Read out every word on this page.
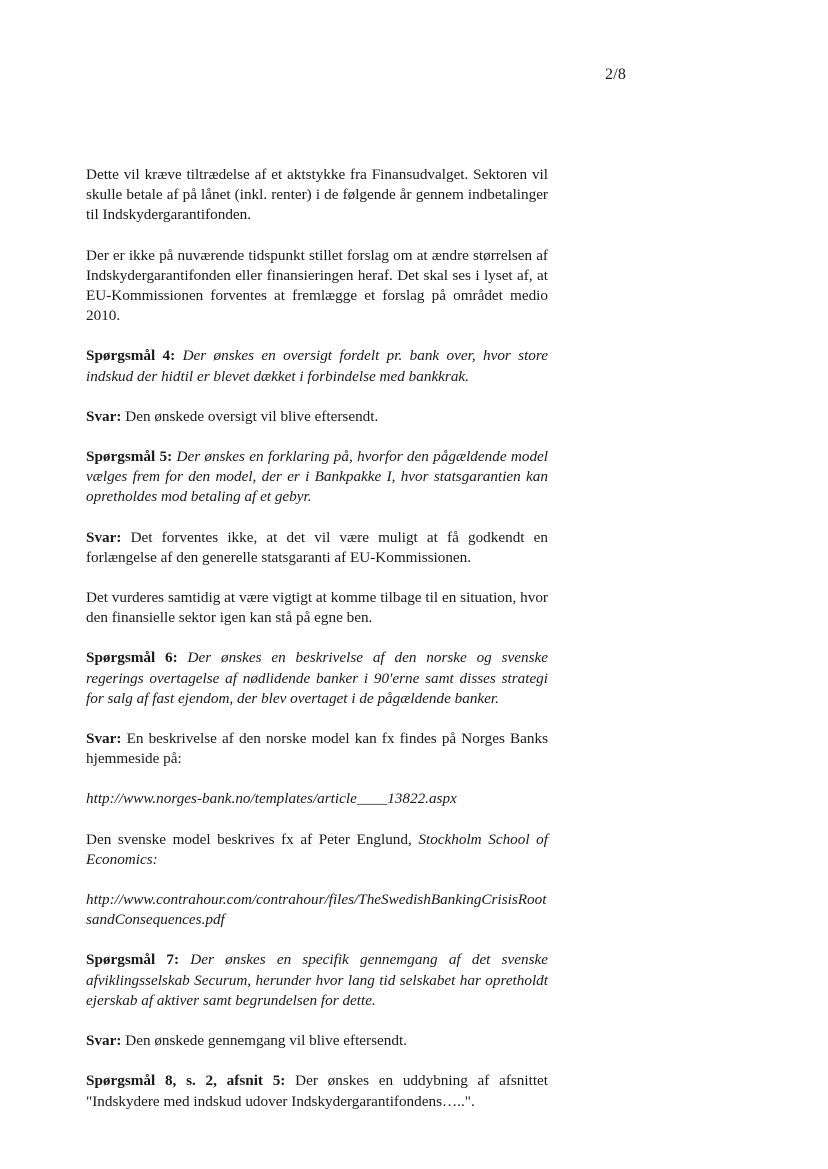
2/8

Dette vil kræve tiltrædelse af et aktstykke fra Finansudvalget. Sektoren vil skulle betale af på lånet (inkl. renter) i de følgende år gennem indbetalinger til Indskydergarantifonden.

Der er ikke på nuværende tidspunkt stillet forslag om at ændre størrelsen af Indskydergarantifonden eller finansieringen heraf. Det skal ses i lyset af, at EU-Kommissionen forventes at fremlægge et forslag på området medio 2010.

Spørgsmål 4: Der ønskes en oversigt fordelt pr. bank over, hvor store indskud der hidtil er blevet dækket i forbindelse med bankkrak.

Svar: Den ønskede oversigt vil blive eftersendt.

Spørgsmål 5: Der ønskes en forklaring på, hvorfor den pågældende model vælges frem for den model, der er i Bankpakke I, hvor statsgarantien kan opretholdes mod betaling af et gebyr.

Svar: Det forventes ikke, at det vil være muligt at få godkendt en forlængelse af den generelle statsgaranti af EU-Kommissionen.

Det vurderes samtidig at være vigtigt at komme tilbage til en situation, hvor den finansielle sektor igen kan stå på egne ben.

Spørgsmål 6: Der ønskes en beskrivelse af den norske og svenske regerings overtagelse af nødlidende banker i 90'erne samt disses strategi for salg af fast ejendom, der blev overtaget i de pågældende banker.

Svar: En beskrivelse af den norske model kan fx findes på Norges Banks hjemmeside på:

http://www.norges-bank.no/templates/article____13822.aspx

Den svenske model beskrives fx af Peter Englund, Stockholm School of Economics:

http://www.contrahour.com/contrahour/files/TheSwedishBankingCrisisRootsandConsequences.pdf

Spørgsmål 7: Der ønskes en specifik gennemgang af det svenske afviklingsselskab Securum, herunder hvor lang tid selskabet har opretholdt ejerskab af aktiver samt begrundelsen for dette.

Svar: Den ønskede gennemgang vil blive eftersendt.

Spørgsmål 8, s. 2, afsnit 5: Der ønskes en uddybning af afsnittet "Indskydere med indskud udover Indskydergarantifondens…..".
